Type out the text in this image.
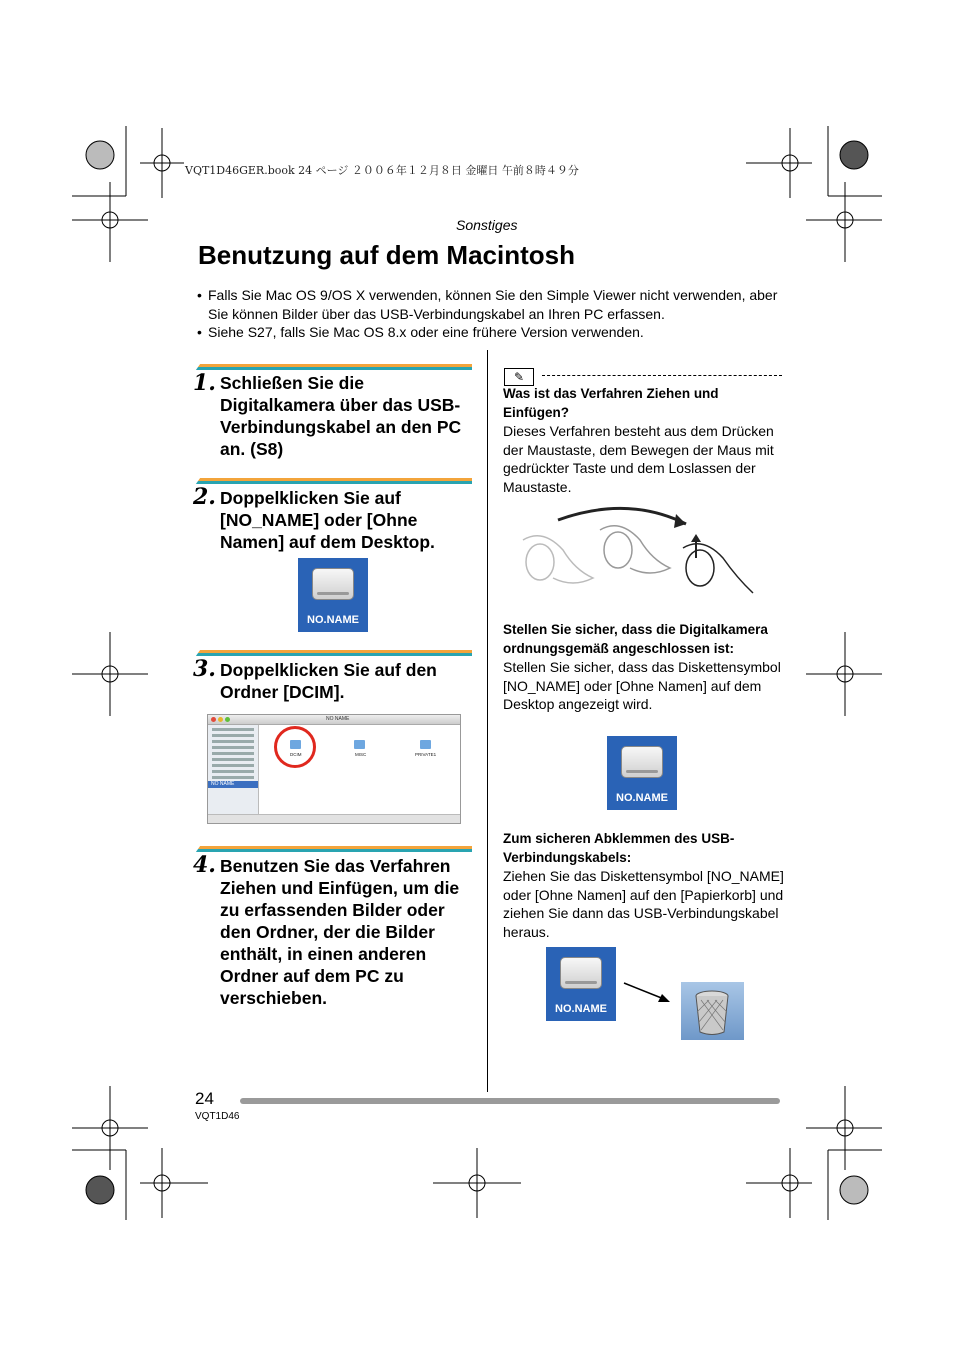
VQT1D46GER.book 24 ページ ２００６年１２月８日 金曜日 午前８時４９分
Sonstiges
Benutzung auf dem Macintosh
• Falls Sie Mac OS 9/OS X verwenden, können Sie den Simple Viewer nicht verwenden, aber Sie können Bilder über das USB-Verbindungskabel an Ihren PC erfassen.
• Siehe S27, falls Sie Mac OS 8.x oder eine frühere Version verwenden.
1. Schließen Sie die Digitalkamera über das USB-Verbindungskabel an den PC an. (S8)
2. Doppelklicken Sie auf [NO_NAME] oder [Ohne Namen] auf dem Desktop.
NO.NAME
3. Doppelklicken Sie auf den Ordner [DCIM].
NO NAME
NO NAME
DCIM	MISC	PRIVATE1
4. Benutzen Sie das Verfahren Ziehen und Einfügen, um die zu erfassenden Bilder oder den Ordner, der die Bilder enthält, in einen anderen Ordner auf dem PC zu verschieben.
✎
Was ist das Verfahren Ziehen und Einfügen?
Dieses Verfahren besteht aus dem Drücken der Maustaste, dem Bewegen der Maus mit gedrückter Taste und dem Loslassen der Maustaste.
Stellen Sie sicher, dass die Digitalkamera ordnungsgemäß angeschlossen ist:
Stellen Sie sicher, dass das Diskettensymbol [NO_NAME] oder [Ohne Namen] auf dem Desktop angezeigt wird.
NO.NAME
Zum sicheren Abklemmen des USB-Verbindungskabels:
Ziehen Sie das Diskettensymbol [NO_NAME] oder [Ohne Namen] auf den [Papierkorb] und ziehen Sie dann das USB-Verbindungskabel heraus.
NO.NAME
24
VQT1D46
